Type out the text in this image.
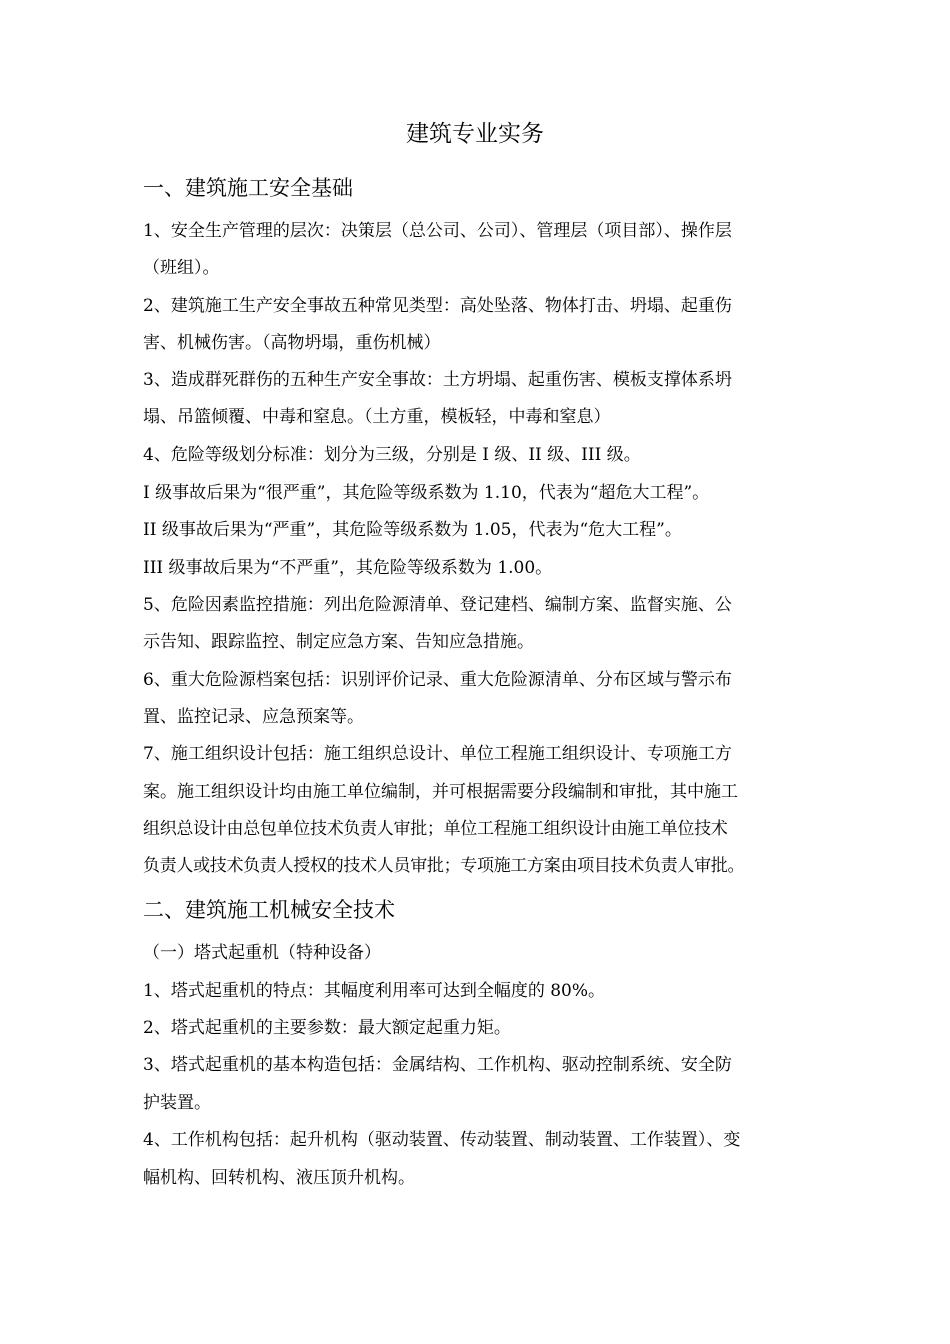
建筑专业实务
一、建筑施工安全基础
1、安全生产管理的层次：决策层（总公司、公司）、管理层（项目部）、操作层
（班组）。
2、建筑施工生产安全事故五种常见类型：高处坠落、物体打击、坍塌、起重伤
害、机械伤害。（高物坍塌，重伤机械）
3、造成群死群伤的五种生产安全事故：土方坍塌、起重伤害、模板支撑体系坍
塌、吊篮倾覆、中毒和窒息。（土方重，模板轻，中毒和窒息）
4、危险等级划分标准：划分为三级，分别是 I 级、II 级、III 级。
I 级事故后果为“很严重”，其危险等级系数为 1.10，代表为“超危大工程”。
II 级事故后果为“严重”，其危险等级系数为 1.05，代表为“危大工程”。
III 级事故后果为“不严重”，其危险等级系数为 1.00。
5、危险因素监控措施：列出危险源清单、登记建档、编制方案、监督实施、公
示告知、跟踪监控、制定应急方案、告知应急措施。
6、重大危险源档案包括：识别评价记录、重大危险源清单、分布区域与警示布
置、监控记录、应急预案等。
7、施工组织设计包括：施工组织总设计、单位工程施工组织设计、专项施工方
案。施工组织设计均由施工单位编制，并可根据需要分段编制和审批，其中施工
组织总设计由总包单位技术负责人审批；单位工程施工组织设计由施工单位技术
负责人或技术负责人授权的技术人员审批；专项施工方案由项目技术负责人审批。
二、建筑施工机械安全技术
（一）塔式起重机（特种设备）
1、塔式起重机的特点：其幅度利用率可达到全幅度的 80%。
2、塔式起重机的主要参数：最大额定起重力矩。
3、塔式起重机的基本构造包括：金属结构、工作机构、驱动控制系统、安全防
护装置。
4、工作机构包括：起升机构（驱动装置、传动装置、制动装置、工作装置）、变
幅机构、回转机构、液压顶升机构。
